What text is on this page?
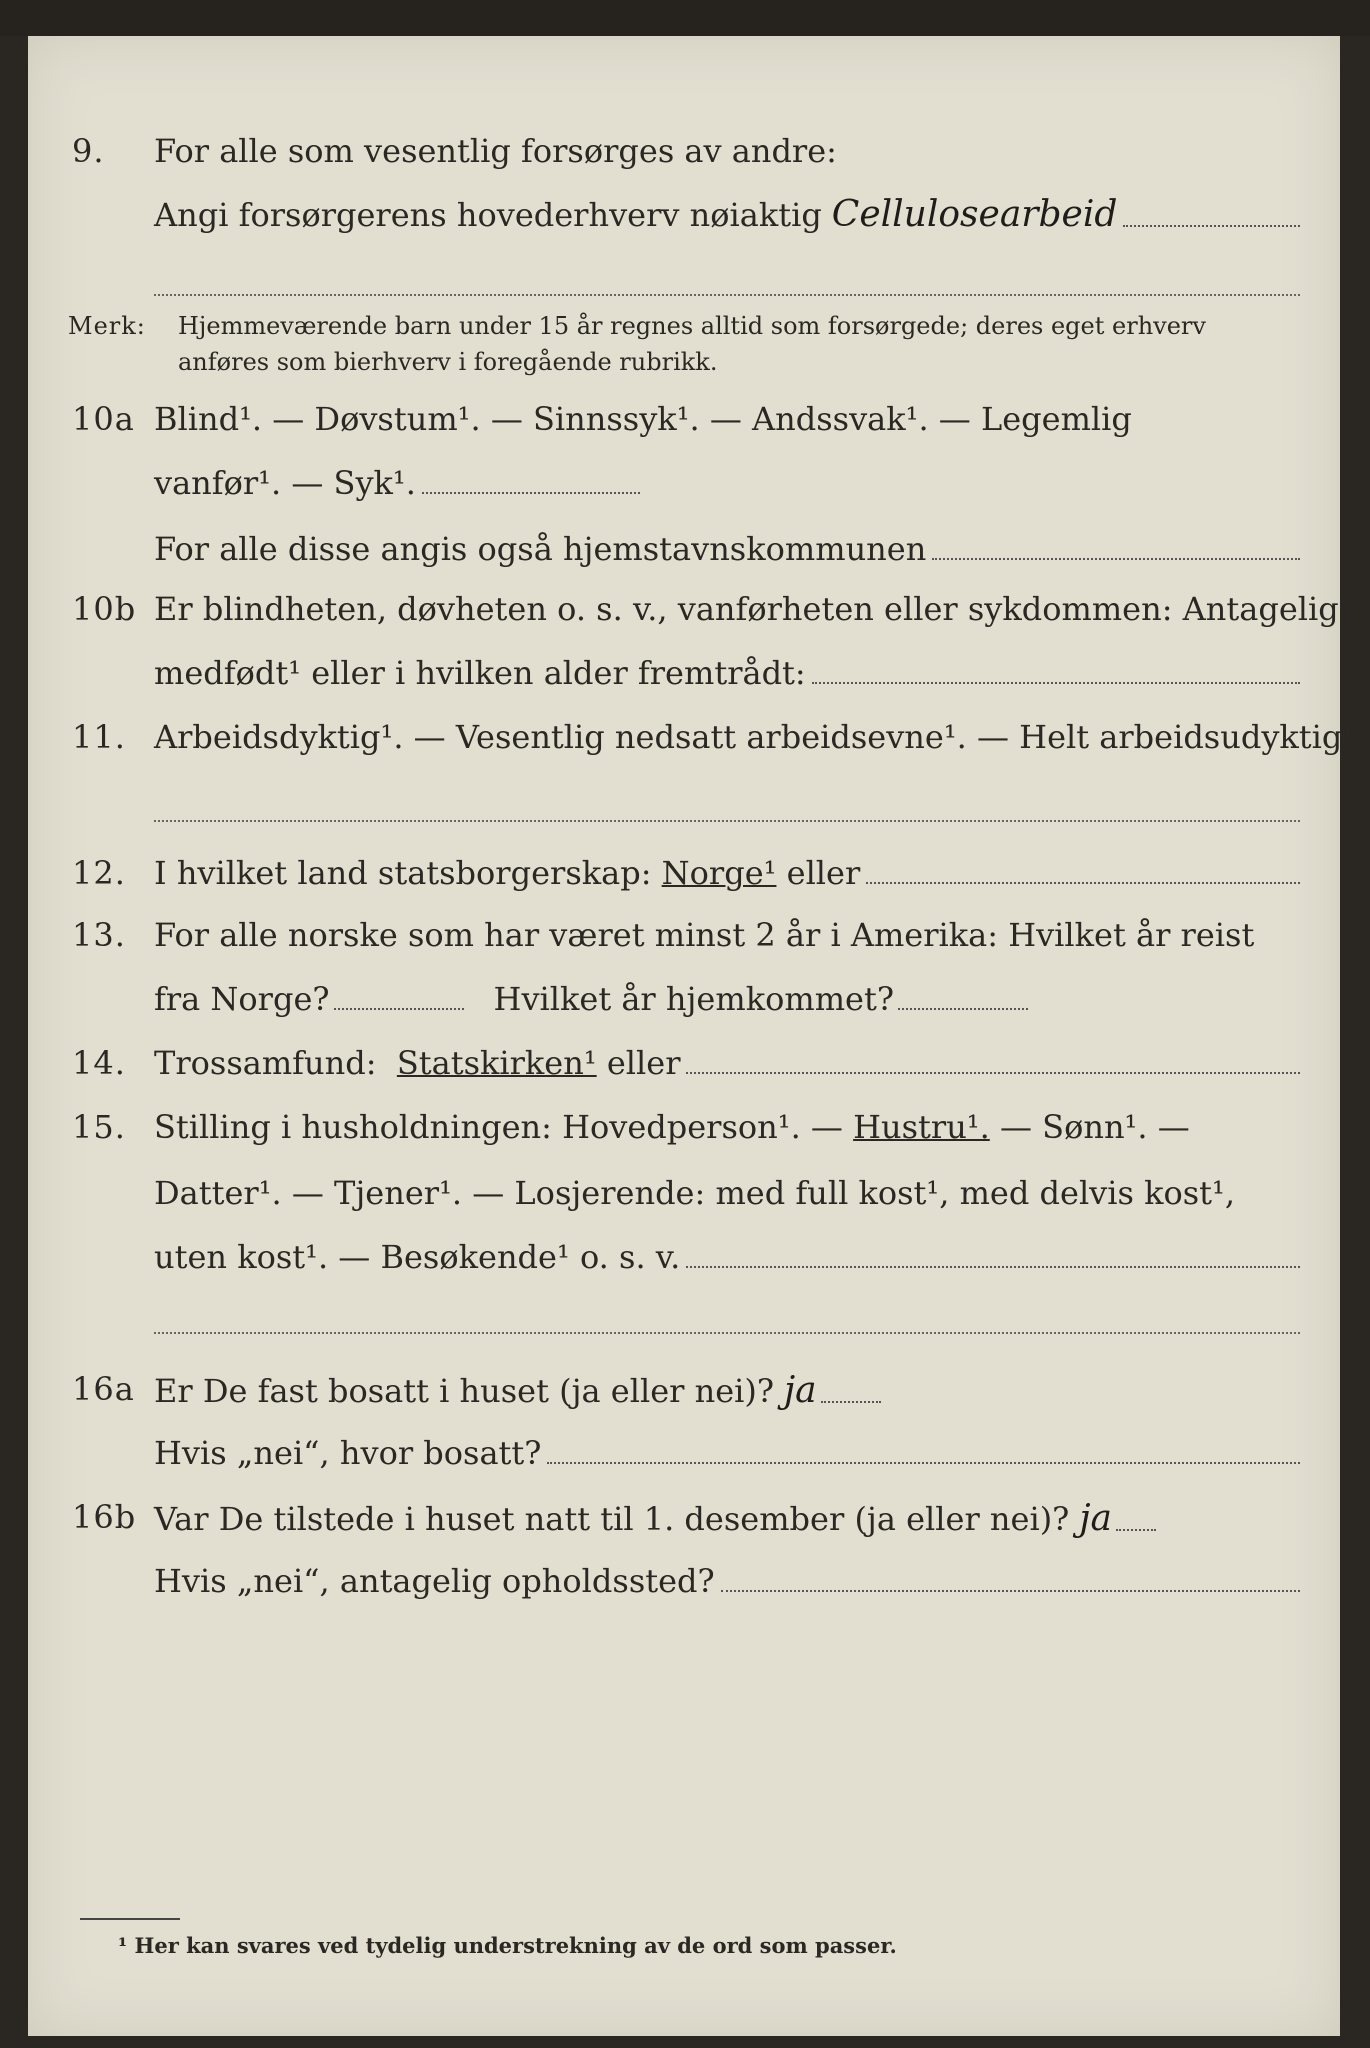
9.	For alle som vesentlig forsørges av andre:
Angi forsørgerens hovederhverv nøiaktig Cellulosearbeid
Merk:	Hjemmeværende barn under 15 år regnes alltid som forsørgede; deres eget erhverv
anføres som bierhverv i foregående rubrikk.
10a Blind¹. — Døvstum¹. — Sinnssyk¹. — Andssvak¹. — Legemlig
vanfør¹. — Syk¹.
For alle disse angis også hjemstavnskommunen
10b Er blindheten, døvheten o. s. v., vanførheten eller sykdommen: Antagelig
medfødt¹ eller i hvilken alder fremtrådt:
11. Arbeidsdyktig¹. — Vesentlig nedsatt arbeidsevne¹. — Helt arbeidsudyktig¹.
12. I hvilket land statsborgerskap:
Norge¹
eller
13. For alle norske som har været minst 2 år i Amerika: Hvilket år reist
fra Norge?	Hvilket år hjemkommet?
14. Trossamfund:
Statskirken¹
eller
15. Stilling i husholdningen: Hovedperson¹. —
Hustru¹.
— Sønn¹. —
Datter¹. — Tjener¹. — Losjerende: med full kost¹, med delvis kost¹,
uten kost¹. — Besøkende¹ o. s. v.
16a Er De fast bosatt i huset (ja eller nei)? ja
Hvis „nei“, hvor bosatt?
16b Var De tilstede i huset natt til 1. desember (ja eller nei)? ja
Hvis „nei“, antagelig opholdssted?
¹ Her kan svares ved tydelig understrekning av de ord som passer.
